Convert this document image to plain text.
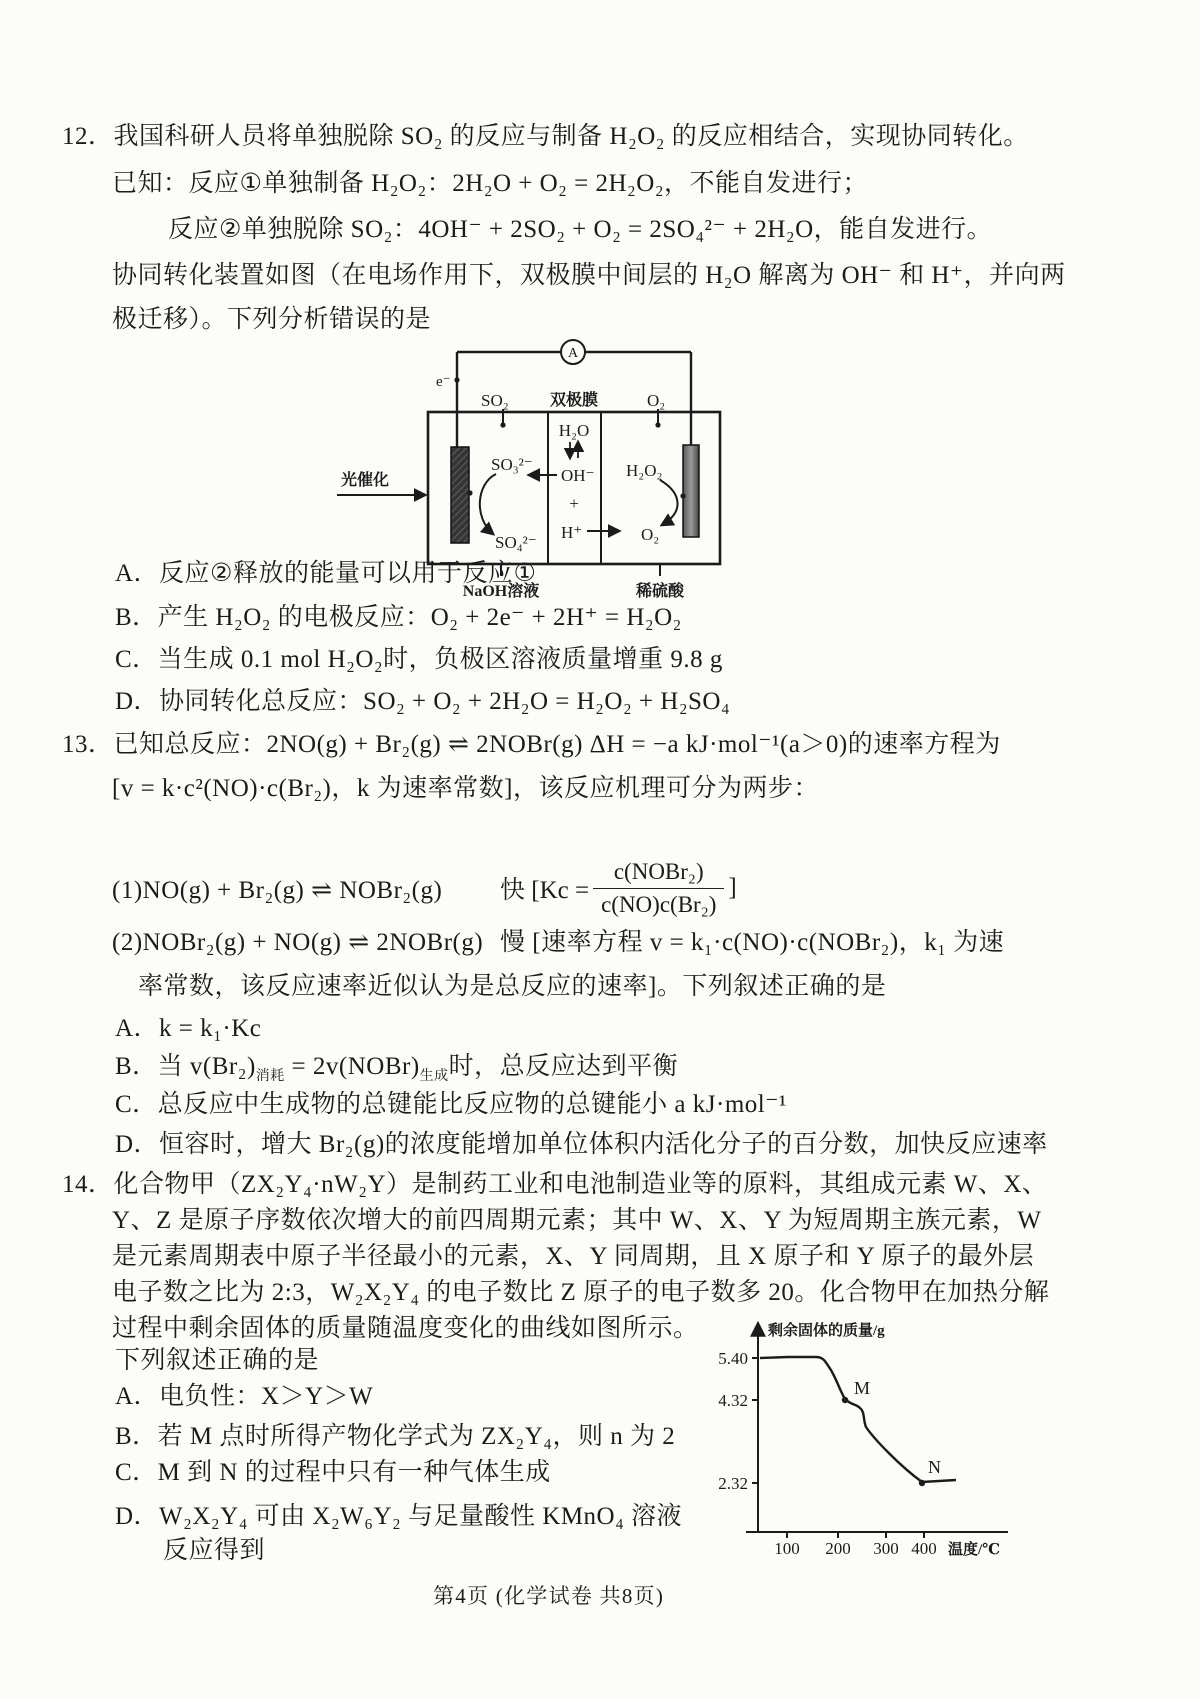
12．我国科研人员将单独脱除 SO₂ 的反应与制备 H₂O₂ 的反应相结合，实现协同转化。
已知：反应①单独制备 H₂O₂：2H₂O + O₂ = 2H₂O₂，不能自发进行；
反应②单独脱除 SO₂：4OH⁻ + 2SO₂ + O₂ = 2SO₄²⁻ + 2H₂O，能自发进行。
协同转化装置如图（在电场作用下，双极膜中间层的 H₂O 解离为 OH⁻ 和 H⁺，并向两
极迁移）。下列分析错误的是
A
e⁻
SO₂	双极膜	O₂
H₂O
OH⁻
+
H⁺
SO₃²⁻
SO₄²⁻
H₂O₂
O₂
光催化
NaOH溶液	稀硫酸
A．反应②释放的能量可以用于反应①
B．产生 H₂O₂ 的电极反应：O₂ + 2e⁻ + 2H⁺ = H₂O₂
C．当生成 0.1 mol H₂O₂时，负极区溶液质量增重 9.8 g
D．协同转化总反应：SO₂ + O₂ + 2H₂O = H₂O₂ + H₂SO₄
13．已知总反应：2NO(g) + Br₂(g) ⇌ 2NOBr(g) ΔH = −a kJ·mol⁻¹(a＞0)的速率方程为
[v = k·c²(NO)·c(Br₂)，k 为速率常数]，该反应机理可分为两步：
(1)NO(g) + Br₂(g) ⇌ NOBr₂(g) 快 [$Kc = \frac{\text{c(NOBr₂)}}{\text{c(NO)c(Br₂)}}$ ]
(2)NOBr₂(g) + NO(g) ⇌ 2NOBr(g) 慢 [速率方程 v = k₁·c(NO)·c(NOBr₂)，k₁ 为速
率常数，该反应速率近似认为是总反应的速率]。下列叙述正确的是
A．k = k₁·Kc
B．当 $v(Br_2)_{消耗}$ = $2v(NOBr)_{生成}$时，总反应达到平衡
C．总反应中生成物的总键能比反应物的总键能小 a kJ·mol⁻¹
D．恒容时，增大 Br₂(g)的浓度能增加单位体积内活化分子的百分数，加快反应速率
14．化合物甲（ZX₂Y₄·nW₂Y）是制药工业和电池制造业等的原料，其组成元素 W、X、
Y、Z 是原子序数依次增大的前四周期元素；其中 W、X、Y 为短周期主族元素，W
是元素周期表中原子半径最小的元素，X、Y 同周期，且 X 原子和 Y 原子的最外层
电子数之比为 2:3，W₂X₂Y₄ 的电子数比 Z 原子的电子数多 20。化合物甲在加热分解
过程中剩余固体的质量随温度变化的曲线如图所示。
下列叙述正确的是
A．电负性：X＞Y＞W
B．若 M 点时所得产物化学式为 ZX₂Y₄，则 n 为 2
C．M 到 N 的过程中只有一种气体生成
D．W₂X₂Y₄ 可由 X₂W₆Y₂ 与足量酸性 KMnO₄ 溶液
反应得到
剩余固体的质量/g
温度/℃
5.40
4.32
2.32
100 200 300 400
M
N
第4页 (化学试卷 共8页)
